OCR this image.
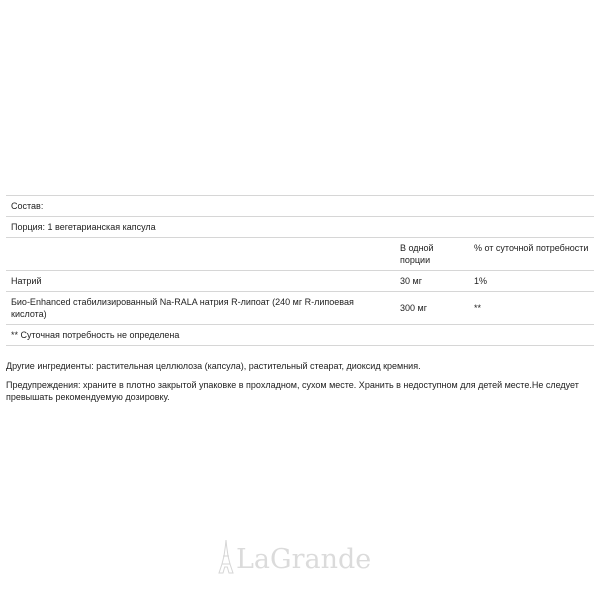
Состав:		
Порция: 1 вегетарианская капсула		
	В одной порции	% от суточной потребности
Натрий	30 мг	1%
Био-Enhanced стабилизированный Na-RALA натрия R-липоат (240 мг R-липоевая кислота)	300 мг	**
** Суточная потребность не определена		

Другие ингредиенты: растительная целлюлоза (капсула), растительный стеарат, диоксид кремния.

Предупреждения: храните в плотно закрытой упаковке в прохладном, сухом месте. Хранить в недоступном для детей месте.Не следует превышать рекомендуемую дозировку.

LaGrande
